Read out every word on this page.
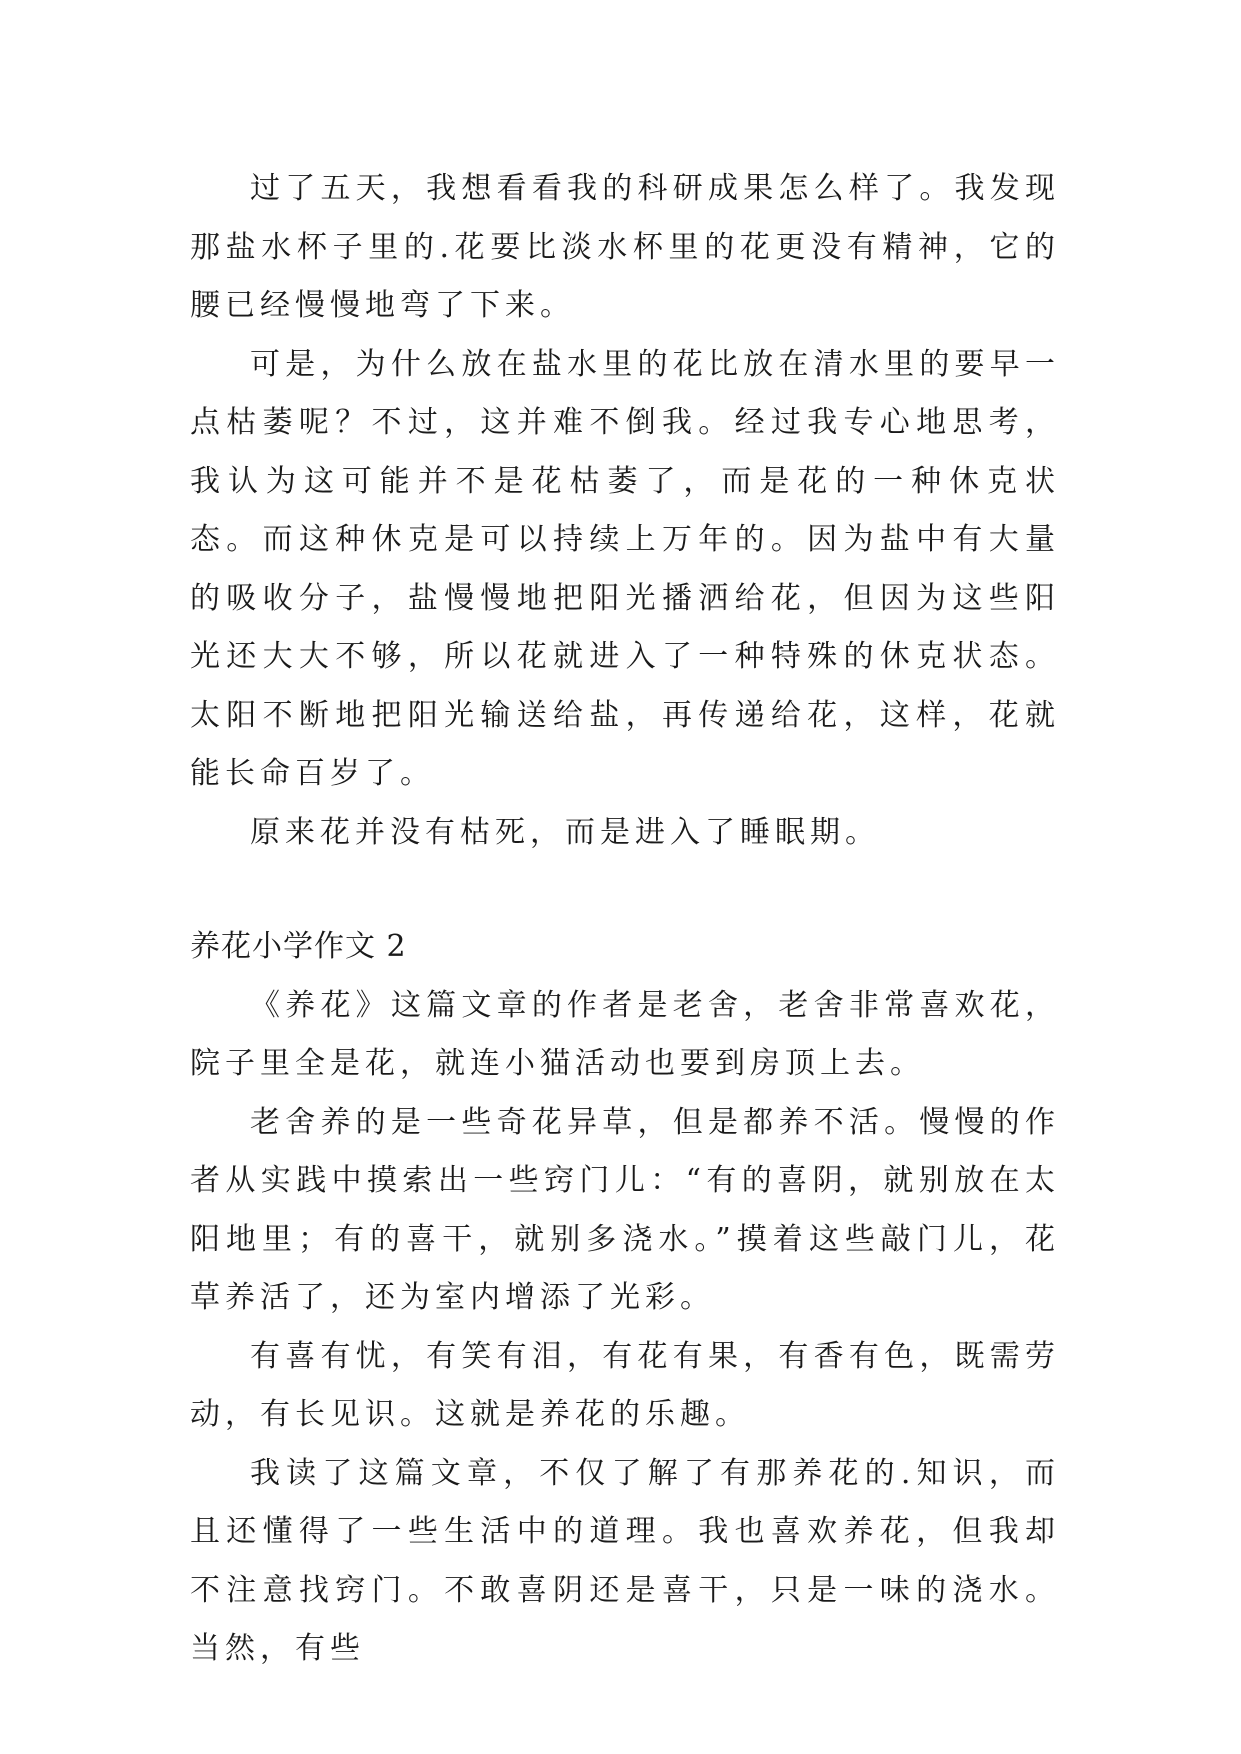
过了五天，我想看看我的科研成果怎么样了。我发现那盐水杯子里的.花要比淡水杯里的花更没有精神，它的腰已经慢慢地弯了下来。

可是，为什么放在盐水里的花比放在清水里的要早一点枯萎呢？不过，这并难不倒我。经过我专心地思考，我认为这可能并不是花枯萎了，而是花的一种休克状态。而这种休克是可以持续上万年的。因为盐中有大量的吸收分子，盐慢慢地把阳光播洒给花，但因为这些阳光还大大不够，所以花就进入了一种特殊的休克状态。太阳不断地把阳光输送给盐，再传递给花，这样，花就能长命百岁了。

原来花并没有枯死，而是进入了睡眠期。

养花小学作文 2

《养花》这篇文章的作者是老舍，老舍非常喜欢花，院子里全是花，就连小猫活动也要到房顶上去。

老舍养的是一些奇花异草，但是都养不活。慢慢的作者从实践中摸索出一些窍门儿：“有的喜阴，就别放在太阳地里；有的喜干，就别多浇水。”摸着这些敲门儿，花草养活了，还为室内增添了光彩。

有喜有忧，有笑有泪，有花有果，有香有色，既需劳动，有长见识。这就是养花的乐趣。

我读了这篇文章，不仅了解了有那养花的.知识，而且还懂得了一些生活中的道理。我也喜欢养花，但我却不注意找窍门。不敢喜阴还是喜干，只是一味的浇水。当然，有些
